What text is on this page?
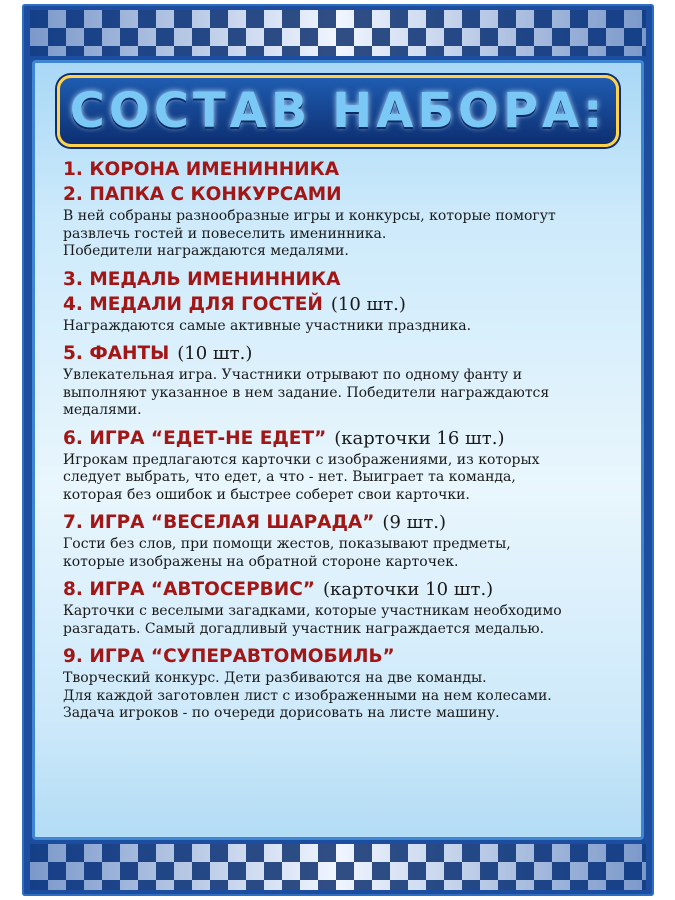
СОСТАВ НАБОРА:
1. КОРОНА ИМЕНИННИКА
2. ПАПКА С КОНКУРСАМИ
В ней собраны разнообразные игры и конкурсы, которые помогут
развлечь гостей и повеселить именинника.
Победители награждаются медалями.
3. МЕДАЛЬ ИМЕНИННИКА
4. МЕДАЛИ ДЛЯ ГОСТЕЙ (10 шт.)
Награждаются самые активные участники праздника.
5. ФАНТЫ (10 шт.)
Увлекательная игра. Участники отрывают по одному фанту и
выполняют указанное в нем задание. Победители награждаются
медалями.
6. ИГРА “ЕДЕТ-НЕ ЕДЕТ” (карточки 16 шт.)
Игрокам предлагаются карточки с изображениями, из которых
следует выбрать, что едет, а что - нет. Выиграет та команда,
которая без ошибок и быстрее соберет свои карточки.
7. ИГРА “ВЕСЕЛАЯ ШАРАДА” (9 шт.)
Гости без слов, при помощи жестов, показывают предметы,
которые изображены на обратной стороне карточек.
8. ИГРА “АВТОСЕРВИС” (карточки 10 шт.)
Карточки с веселыми загадками, которые участникам необходимо
разгадать. Самый догадливый участник награждается медалью.
9. ИГРА “СУПЕРАВТОМОБИЛЬ”
Творческий конкурс. Дети разбиваются на две команды.
Для каждой заготовлен лист с изображенными на нем колесами.
Задача игроков - по очереди дорисовать на листе машину.
